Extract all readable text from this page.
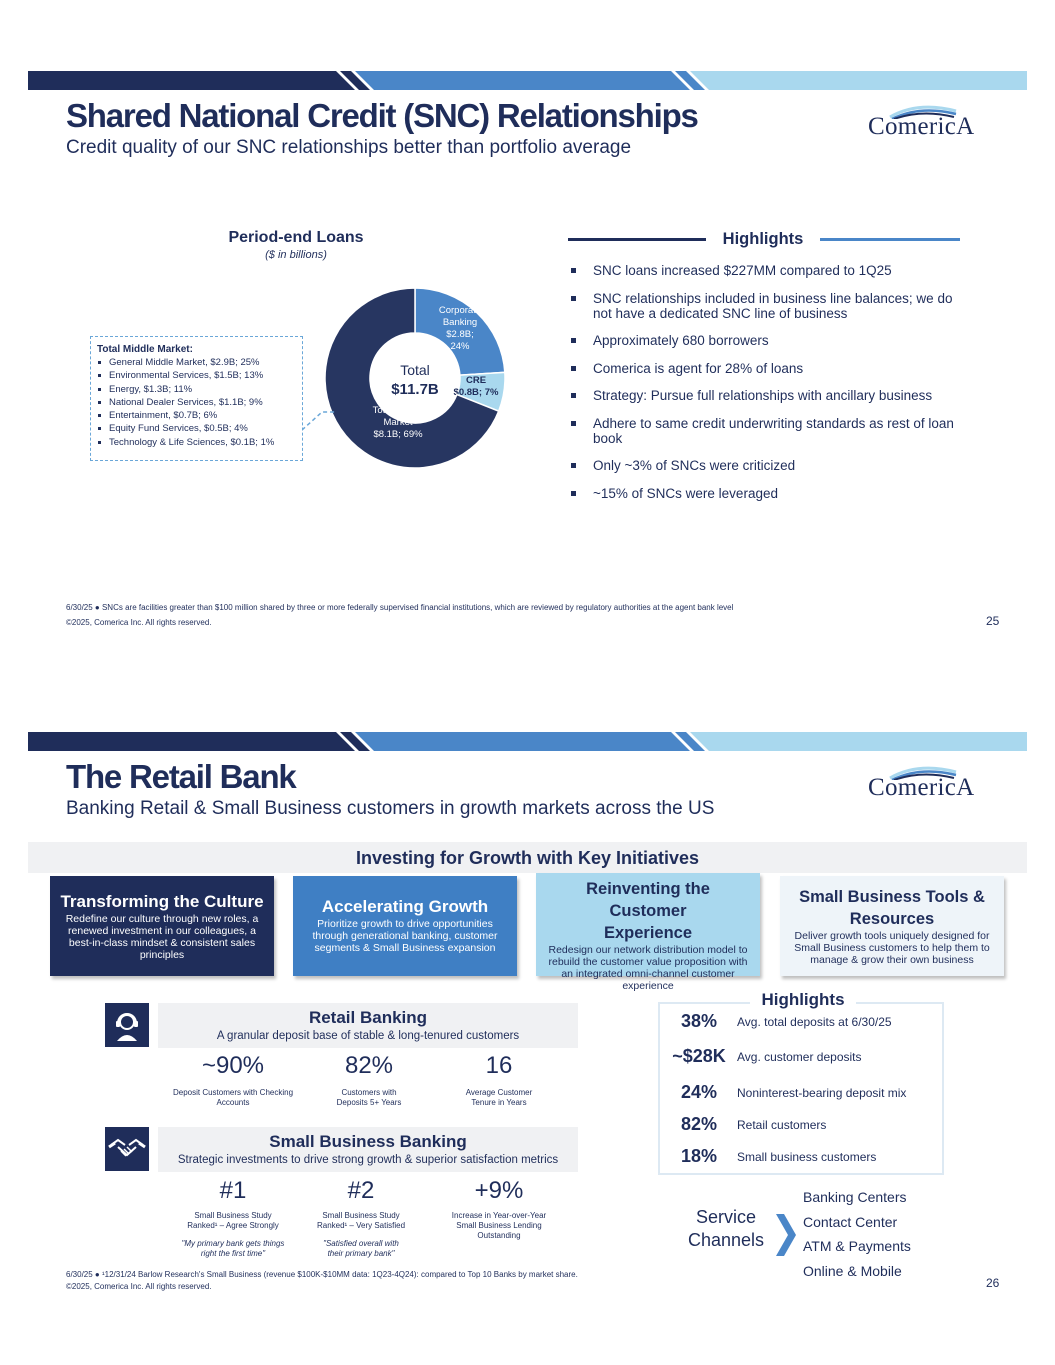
Shared National Credit (SNC) Relationships
Credit quality of our SNC relationships better than portfolio average
ComericA
Period-end Loans
($ in billions)
Corporate
Banking
$2.8B;
24%
CRE
$0.8B; 7%
Total Middle
Market
$8.1B; 69%
Total
$11.7B
Total Middle Market:
General Middle Market, $2.9B; 25%
Environmental Services, $1.5B; 13%
Energy, $1.3B; 11%
National Dealer Services, $1.1B; 9%
Entertainment, $0.7B; 6%
Equity Fund Services, $0.5B; 4%
Technology & Life Sciences, $0.1B; 1%
Highlights
SNC loans increased $227MM compared to 1Q25
SNC relationships included in business line balances; we do not have a dedicated SNC line of business
Approximately 680 borrowers
Comerica is agent for 28% of loans
Strategy: Pursue full relationships with ancillary business
Adhere to same credit underwriting standards as rest of loan book
Only ~3% of SNCs were criticized
~15% of SNCs were leveraged
6/30/25 ● SNCs are facilities greater than $100 million shared by three or more federally supervised financial institutions, which are reviewed by regulatory authorities at the agent bank level
©2025, Comerica Inc. All rights reserved.	25
The Retail Bank
Banking Retail & Small Business customers in growth markets across the US
ComericA
Investing for Growth with Key Initiatives
Transforming the Culture
Redefine our culture through new roles, a renewed investment in our colleagues, a best-in-class mindset & consistent sales principles
Accelerating Growth
Prioritize growth to drive opportunities through generational banking, customer segments & Small Business expansion
Reinventing the Customer Experience
Redesign our network distribution model to rebuild the customer value proposition with an integrated omni-channel customer experience
Small Business Tools & Resources
Deliver growth tools uniquely designed for Small Business customers to help them to manage & grow their own business
Retail Banking
A granular deposit base of stable & long-tenured customers
~90%
Deposit Customers with Checking Accounts
82%
Customers with Deposits 5+ Years
16
Average Customer Tenure in Years
Small Business Banking
Strategic investments to drive strong growth & superior satisfaction metrics
#1
Small Business Study Ranked¹ – Agree Strongly
"My primary bank gets things right the first time"
#2
Small Business Study Ranked¹ – Very Satisfied
"Satisfied overall with their primary bank"
+9%
Increase in Year-over-Year Small Business Lending Outstanding
Highlights
38%	Avg. total deposits at 6/30/25
~$28K Avg. customer deposits
24%	Noninterest-bearing deposit mix
82%	Retail customers
18%	Small business customers
Service Channels
Banking Centers
Contact Center
ATM & Payments
Online & Mobile
6/30/25 ● ¹12/31/24 Barlow Research's Small Business (revenue $100K-$10MM data: 1Q23-4Q24): compared to Top 10 Banks by market share.
©2025, Comerica Inc. All rights reserved.	26
